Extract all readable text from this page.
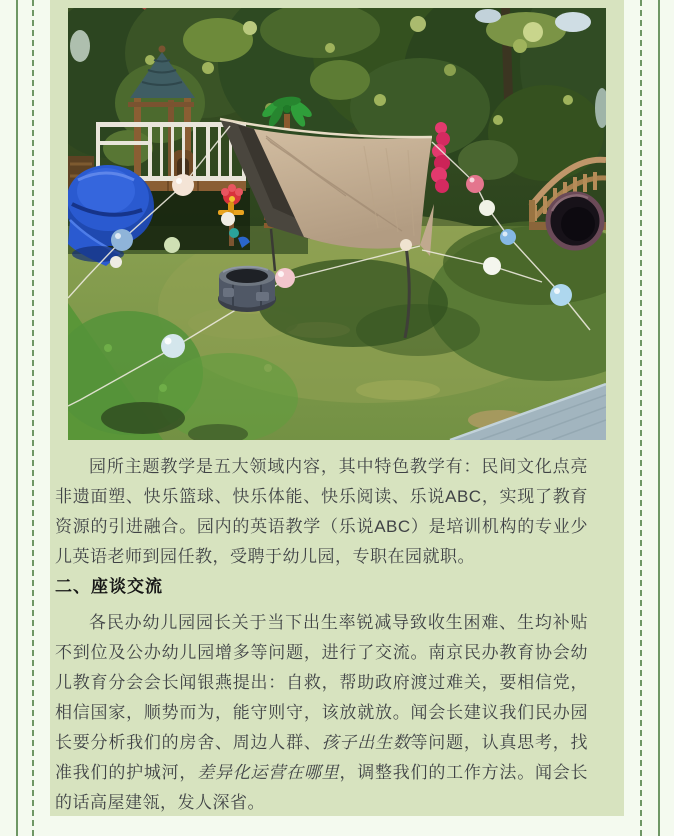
园所主题教学是五大领域内容，其中特色教学有：民间文化点亮非遗面塑、快乐篮球、快乐体能、快乐阅读、乐说ABC，实现了教育资源的引进融合。园内的英语教学（乐说ABC）是培训机构的专业少儿英语老师到园任教，受聘于幼儿园，专职在园就职。

二、座谈交流

各民办幼儿园园长关于当下出生率锐减导致收生困难、生均补贴不到位及公办幼儿园增多等问题，进行了交流。南京民办教育协会幼儿教育分会会长闻银燕提出：自救，帮助政府渡过难关，要相信党，相信国家，顺势而为，能守则守，该放就放。闻会长建议我们民办园长要分析我们的房舍、周边人群、孩子出生数等问题，认真思考，找准我们的护城河，差异化运营在哪里，调整我们的工作方法。闻会长的话高屋建瓴，发人深省。
